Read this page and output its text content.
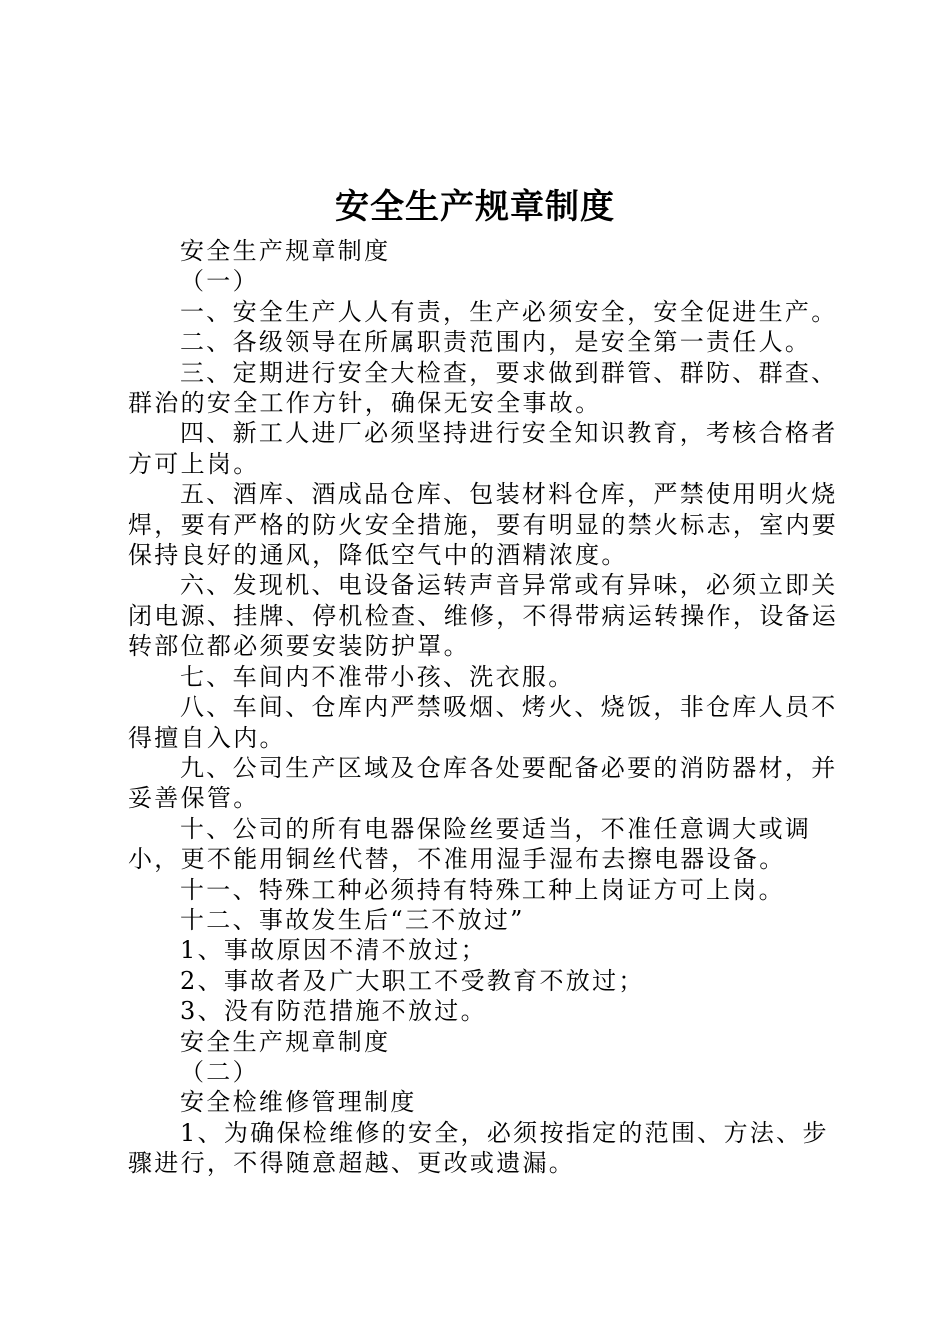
安全生产规章制度

安全生产规章制度

（一）

一、安全生产人人有责，生产必须安全，安全促进生产。

二、各级领导在所属职责范围内，是安全第一责任人。

三、定期进行安全大检查，要求做到群管、群防、群查、群治的安全工作方针，确保无安全事故。

四、新工人进厂必须坚持进行安全知识教育，考核合格者方可上岗。

五、酒库、酒成品仓库、包装材料仓库，严禁使用明火烧焊，要有严格的防火安全措施，要有明显的禁火标志，室内要保持良好的通风，降低空气中的酒精浓度。

六、发现机、电设备运转声音异常或有异味，必须立即关闭电源、挂牌、停机检查、维修，不得带病运转操作，设备运转部位都必须要安装防护罩。

七、车间内不准带小孩、洗衣服。

八、车间、仓库内严禁吸烟、烤火、烧饭，非仓库人员不得擅自入内。

九、公司生产区域及仓库各处要配备必要的消防器材，并妥善保管。

十、公司的所有电器保险丝要适当，不准任意调大或调小，更不能用铜丝代替，不准用湿手湿布去擦电器设备。

十一、特殊工种必须持有特殊工种上岗证方可上岗。

十二、事故发生后“三不放过”

1、事故原因不清不放过；

2、事故者及广大职工不受教育不放过；

3、没有防范措施不放过。

安全生产规章制度

（二）

安全检维修管理制度

1、为确保检维修的安全，必须按指定的范围、方法、步骤进行，不得随意超越、更改或遗漏。
